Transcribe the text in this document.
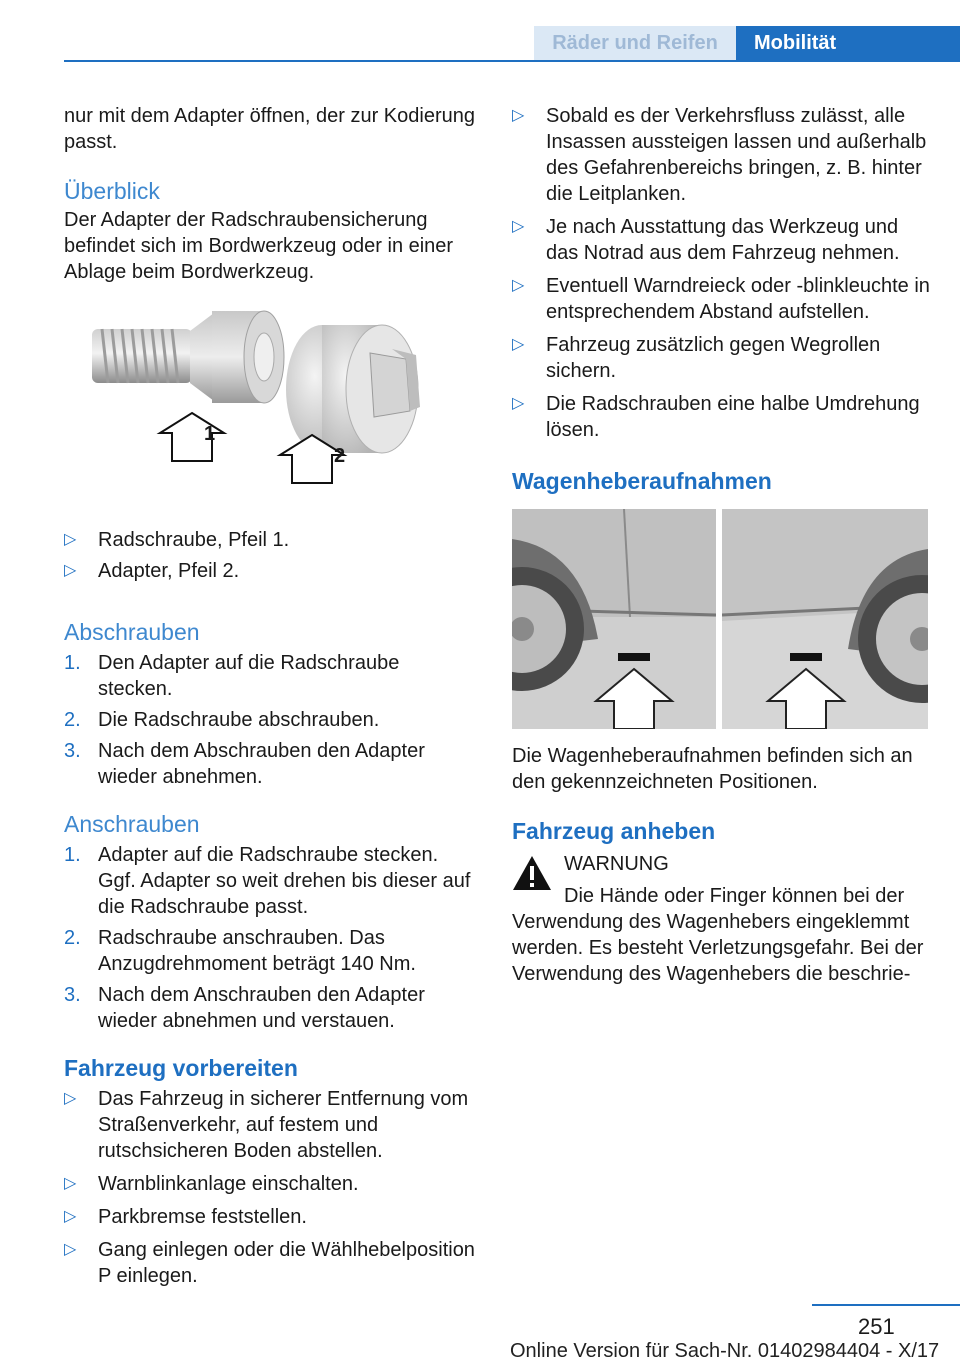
Räder und Reifen	Mobilität

nur mit dem Adapter öffnen, der zur Kodierung passt.

Überblick

Der Adapter der Radschraubensicherung befindet sich im Bordwerkzeug oder in einer Ablage beim Bordwerkzeug.

1
2
▷ Radschraube, Pfeil 1.
▷ Adapter, Pfeil 2.
Abschrauben
1. Den Adapter auf die Radschraube stecken.
2. Die Radschraube abschrauben.
3. Nach dem Abschrauben den Adapter wieder abnehmen.
Anschrauben
1. Adapter auf die Radschraube stecken. Ggf. Adapter so weit drehen bis dieser auf die Radschraube passt.
2. Radschraube anschrauben. Das Anzugdrehmoment beträgt 140 Nm.
3. Nach dem Anschrauben den Adapter wieder abnehmen und verstauen.
Fahrzeug vorbereiten
▷ Das Fahrzeug in sicherer Entfernung vom Straßenverkehr, auf festem und rutschsicheren Boden abstellen.
▷ Warnblinkanlage einschalten.
▷ Parkbremse feststellen.
▷ Gang einlegen oder die Wählhebelposition P einlegen.
▷ Sobald es der Verkehrsfluss zulässt, alle Insassen aussteigen lassen und außerhalb des Gefahrenbereichs bringen, z. B. hinter die Leitplanken.
▷ Je nach Ausstattung das Werkzeug und das Notrad aus dem Fahrzeug nehmen.
▷ Eventuell Warndreieck oder -blinkleuchte in entsprechendem Abstand aufstellen.
▷ Fahrzeug zusätzlich gegen Wegrollen sichern.
▷ Die Radschrauben eine halbe Umdrehung lösen.
Wagenheberaufnahmen

Die Wagenheberaufnahmen befinden sich an den gekennzeichneten Positionen.

Fahrzeug anheben

WARNUNG

Die Hände oder Finger können bei der

Verwendung des Wagenhebers eingeklemmt werden. Es besteht Verletzungsgefahr. Bei der Verwendung des Wagenhebers die beschrie-

251
Online Version für Sach-Nr. 01402984404 - X/17
